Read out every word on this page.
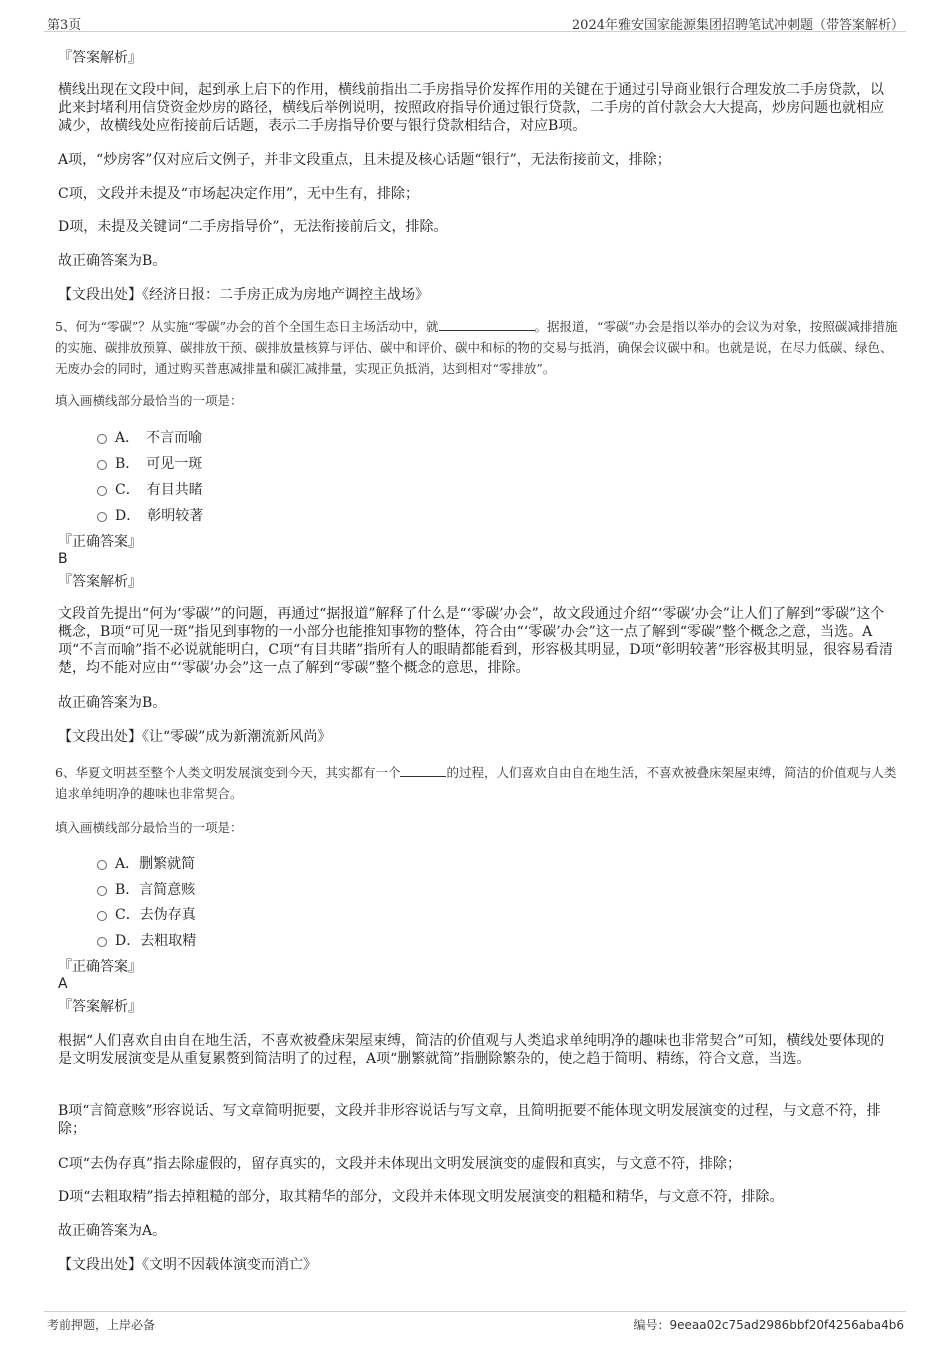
第3页	2024年雅安国家能源集团招聘笔试冲刺题（带答案解析）
『答案解析』
横线出现在文段中间，起到承上启下的作用，横线前指出二手房指导价发挥作用的关键在于通过引导商业银行合理发放二手房贷款，以此来封堵利用信贷资金炒房的路径，横线后举例说明，按照政府指导价通过银行贷款，二手房的首付款会大大提高，炒房问题也就相应减少，故横线处应衔接前后话题，表示二手房指导价要与银行贷款相结合，对应B项。
A项，“炒房客”仅对应后文例子，并非文段重点，且未提及核心话题“银行”，无法衔接前文，排除；
C项，文段并未提及“市场起决定作用”，无中生有，排除；
D项，未提及关键词“二手房指导价”，无法衔接前后文，排除。
故正确答案为B。
【文段出处】《经济日报：二手房正成为房地产调控主战场》
5、何为“零碳”？从实施“零碳”办会的首个全国生态日主场活动中，就	。据报道，“零碳”办会是指以举办的会议为对象，按照碳减排措施的实施、碳排放预算、碳排放干预、碳排放量核算与评估、碳中和评价、碳中和标的物的交易与抵消，确保会议碳中和。也就是说，在尽力低碳、绿色、无废办会的同时，通过购买普惠减排量和碳汇减排量，实现正负抵消，达到相对“零排放”。
填入画横线部分最恰当的一项是：
A．　不言而喻
B．　可见一斑
C．　有目共睹
D．　彰明较著
『正确答案』
B
『答案解析』
文段首先提出“何为‘零碳’”的问题，再通过“据报道”解释了什么是“‘零碳’办会”，故文段通过介绍“‘零碳’办会”让人们了解到“零碳”这个概念，B项“可见一斑”指见到事物的一小部分也能推知事物的整体，符合由“‘零碳’办会”这一点了解到“零碳”整个概念之意，当选。A项“不言而喻”指不必说就能明白，C项“有目共睹”指所有人的眼睛都能看到，形容极其明显，D项“彰明较著”形容极其明显，很容易看清楚，均不能对应由“‘零碳’办会”这一点了解到“零碳”整个概念的意思，排除。
故正确答案为B。
【文段出处】《让“零碳”成为新潮流新风尚》
6、华夏文明甚至整个人类文明发展演变到今天，其实都有一个	的过程，人们喜欢自由自在地生活，不喜欢被叠床架屋束缚，简洁的价值观与人类追求单纯明净的趣味也非常契合。
填入画横线部分最恰当的一项是：
A．删繁就简
B．言简意赅
C．去伪存真
D．去粗取精
『正确答案』
A
『答案解析』
根据“人们喜欢自由自在地生活，不喜欢被叠床架屋束缚，简洁的价值观与人类追求单纯明净的趣味也非常契合”可知，横线处要体现的是文明发展演变是从重复累赘到简洁明了的过程，A项“删繁就简”指删除繁杂的，使之趋于简明、精练，符合文意，当选。
B项“言简意赅”形容说话、写文章简明扼要，文段并非形容说话与写文章，且简明扼要不能体现文明发展演变的过程，与文意不符，排除；
C项“去伪存真”指去除虚假的，留存真实的，文段并未体现出文明发展演变的虚假和真实，与文意不符，排除；
D项“去粗取精”指去掉粗糙的部分，取其精华的部分，文段并未体现文明发展演变的粗糙和精华，与文意不符，排除。
故正确答案为A。
【文段出处】《文明不因载体演变而消亡》
考前押题，上岸必备	编号：9eeaa02c75ad2986bbf20f4256aba4b6
